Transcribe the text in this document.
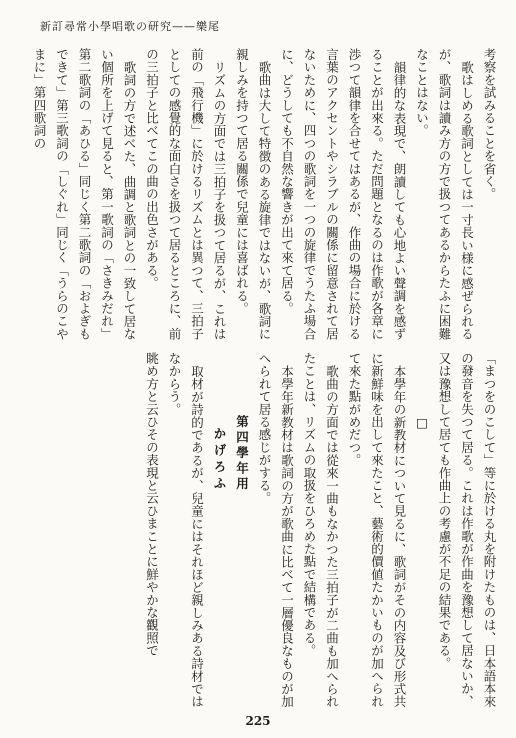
新訂尋常小學唱歌の研究——樂尾
考察を試みることを省く。
歌はしめる歌詞としては一寸長い様に感ぜられるが、歌詞は讀み方の方で扱つてあるからたふに困難なことはない。
韻律的な表現で、朗讀しても心地よい聲調を感ずることが出來る。ただ問題となるのは作歌が各章に渉つて韻律を合せてはあるが、作曲の場合に於ける言葉のアクセントやシラブルの關係に留意されて居ないために、四つの歌詞を一つの旋律でうたふ場合に、どうしても不自然な響きが出て來て居る。
歌曲は大して特徴のある旋律ではないが、歌詞に親しみを持つて居る關係で兒童には喜ばれる。
リズムの方面では三拍子を扱つて居るが、これは前の「飛行機」に於けるリズムとは異つて、三拍子としての感覺的な面白さを扱つて居るところに、前の三拍子と比べてこの曲の出色さがある。
歌詞の方で述べた、曲調と歌詞との一致して居ない個所を上げて見ると、第一歌詞の「さきみだれ」第二歌詞の「あひる」同じく第二歌詞の「およぎもできて」第三歌詞の「しぐれ」同じく「うらのこやまに」第四歌詞の
「まつをのこして」等に於ける丸を附けたものは、日本語本來の發音を失つて居る。これは作歌が作曲を豫想して居ないか、又は豫想して居ても作曲上の考慮が不足の結果である。
□
本學年の新教材について見るに、歌詞がその内容及び形式共に新鮮味を出して來たこと、藝術的價値たかいものが加へられて來た點がめだつ。
歌曲の方面では從來一曲もなかつた三拍子が二曲も加へられたことは、リズムの取扱をひろめた點で結構である。
本學年新教材は歌詞の方が歌曲に比べて一層優良なものが加へられて居る感じがする。
第四學年用
かげろふ
取材が詩的であるが、兒童にはそれほど親しみある詩材ではなからう。
眺め方と云ひその表現と云ひまことに鮮やかな觀照で
225
